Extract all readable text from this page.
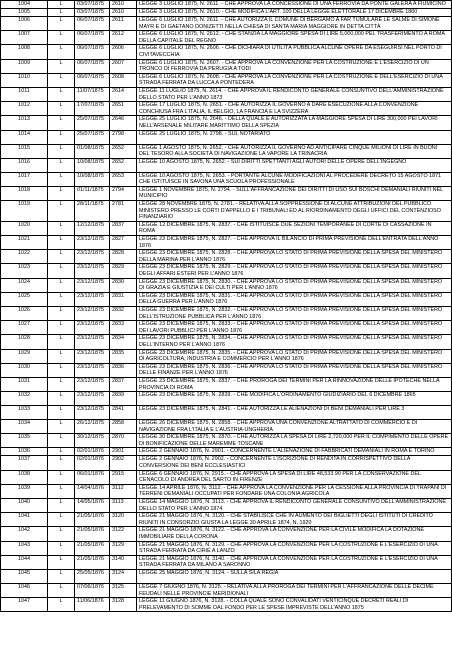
1004	L	03/07/1875	2610	LEGGE 3 LUGLIO 1875, N. 2611. - CHE APPROVA LA CONCESSIONE DI UNA FERROVIA DA PONTE GALERA A FIUMICINO
1005	L	03/07/1875	2610	LEGGE 3 LUGLIO 1875, N. 2610. - CHE MODIFICA L'ART. 100 DELLA LEGGE ELETTORALE 17 DICEMBRE 1860
1006	L	06/07/1875	2611	LEGGE 6 LUGLIO 1875, N. 2611. - CHE AUTORIZZA IL COMUNE DI BERGAMO A FAR TUMULARE LE SALME DI SIMONE MAYR E DI GAETANO DONIZETTI NELLA CHIESA DI SANTA MARIA MAGGIORE IN DETTA CITTÀ
1007	L	06/07/1875	2612	LEGGE 6 LUGLIO 1875, N. 2612. - CHE STANZIA LA MAGGIORE SPESA DI LIRE 5,000,000 PEL TRASFERIMENTO A ROMA DELLA CAPITALE DEL REGNO
1008	L	06/07/1875	2606	LEGGE 6 LUGLIO 1875, N. 2606. - CHE DICHIARA DI UTILITÀ PUBBLICA ALCUNE OPERE DA ESEGUIRSI NEL PORTO DI CIVITAVECCHIA
1009	L	06/07/1875	2607	LEGGE 6 LUGLIO 1875, N. 2607. - CHE APPROVA LA CONVENZIONE PER LA COSTRUZIONE E L'ESERCIZIO DI UN TRONCO DI FERROVIA DA PERUGIA A TODI
1010	L	06/07/1875	2608	LEGGE 6 LUGLIO 1875, N. 2608. - CHE APPROVA LA CONVENZIONE PER LA COSTRUZIONE E DELL'ESERCIZIO DI UNA STRADA FERRATA DA LUCCA A PONTEDERA
1011	L	11/07/1875	2614	LEGGE 11 LUGLIO 1875, N. 2614. - CHE APPROVA IL RENDICONTO GENERALE CONSUNTIVO DELL'AMMINISTRAZIONE DELLO STATO PER L'ANNO 1873
1012	L	17/07/1875	2651	LEGGE 17 LUGLIO 1875, N. 2651. - CHE AUTORIZZA IL GOVERNO A DARE ESECUZIONE ALLA CONVENZIONE CONCHIUSA FRA L'ITALIA, IL BELGIO, LA FRANCIA E LA SVIZZERA
1013	L	25/07/1875	2646	LEGGE 25 LUGLIO 1875, N. 2646. - DELLA QUALE È AUTORIZZATA LA MAGGIORE SPESA DI LIRE 300,000 PEI LAVORI NELL'ARSENALE MILITARE MARITTIMO DELLA SPEZIA
1014	L	25/07/1875	2798	LEGGE 25 LUGLIO 1875, N. 2798. - SUL NOTARIATO
1015	L	01/08/1875	2652	LEGGE 1 AGOSTO 1875, N. 2652. - CHE AUTORIZZA IL GOVERNO AD ANTICIPARE CINQUE MILIONI DI LIRE IN BUONI DEL TESORO ALLA SOCIETÀ DI NAVIGAZIONE LA VAPORE LA TRINACRIA
1016	L	10/08/1875	2652	LEGGE 10 AGOSTO 1875, N. 2652. - SUI DIRITTI SPETTANTI AGLI AUTORI DELLE OPERE DELL'INGEGNO
1017	L	10/08/1875	2653	LEGGE 10 AGOSTO 1875, N. 2653. - PORTANTE ALCUNE MODIFICAZIONI AL PROCEDERE DECRETO 15 AGOSTO 1871 CHE ISTITUISCE IN SAVONA UNA SCUOLA PROFESSIONALE
1018	L	01/11/1875	2794	LEGGE 1 NOVEMBRE 1875, N. 2794. - SULL'AFFRANCAZIONE DEI DIRITTI DI USO SUI BOSCHI DEMANIALI RIUNITI NEL MUNICIPIO
1019	L	28/11/1875	2781	LEGGE 28 NOVEMBRE 1875, N. 2781. - RELATIVA ALLA SOPPRESSIONE DI ALCUNE ATTRIBUZIONI DEL PUBBLICO MINISTERO PRESSO LE CORTI D'APPELLO E I TRIBUNALI ED AL RIORDINAMENTO DEGLI UFFICI DEL CONTENZIOSO FINANZIARIO
1020	L	12/12/1875	2837	LEGGE 12 DICEMBRE 1875, N. 2837. - CHE ISTITUISCE DUE SEZIONI TEMPORANEE DI CORTE DI CASSAZIONE IN ROMA
1021	L	23/12/1875	2827	LEGGE 23 DICEMBRE 1875, N. 2827. - CHE APPROVA IL BILANCIO DI PRIMA PREVISIONE DELL'ENTRATA DELL'ANNO 1876
1022	L	23/12/1875	2828	LEGGE 23 DICEMBRE 1875, N. 2828. - CHE APPROVA LO STATO DI PRIMA PREVISIONE DELLA SPESA DEL MINISTERO DELLA MARINA PER L'ANNO 1876
1023	L	23/12/1875	2829	LEGGE 23 DICEMBRE 1875, N. 2829. - CHE APPROVA LO STATO DI PRIMA PREVISIONE DELLA SPESA DEL MINISTERO DEGLI AFFARI ESTERI PER L'ANNO 1876
1024	L	23/12/1875	2830	LEGGE 23 DICEMBRE 1875, N. 2830. - CHE APPROVA LO STATO DI PRIMA PREVISIONE DELLA SPESA DEL MINISTERO DI GRAZIA E GIUSTIZIA E DEI CULTI PER L'ANNO 1876
1025	L	23/12/1875	2831	LEGGE 23 DICEMBRE 1875, N. 2831. - CHE APPROVA LO STATO DI PRIMA PREVISIONE DELLA SPESA DEL MINISTERO DELLA GUERRA PER L'ANNO 1876
1026	L	23/12/1875	2832	LEGGE 23 DICEMBRE 1875, N. 2832. - CHE APPROVA LO STATO DI PRIMA PREVISIONE DELLA SPESA DEL MINISTERO DELL'ISTRUZIONE PUBBLICA PER L'ANNO 1876
1027	L	23/12/1875	2833	LEGGE 23 DICEMBRE 1875, N. 2833. - CHE APPROVA LO STATO DI PRIMA PREVISIONE DELLA SPESA DEL MINISTERO DEI LAVORI PUBBLICI PER L'ANNO 1876
1028	L	23/12/1875	2834	LEGGE 23 DICEMBRE 1875, N. 2834. - CHE APPROVA LO STATO DI PRIMA PREVISIONE DELLA SPESA DEL MINISTERO DELL'INTERNO PER L'ANNO 1876
1029	L	23/12/1875	2835	LEGGE 23 DICEMBRE 1875, N. 2835. - CHE APPROVA LO STATO DI PRIMA PREVISIONE DELLA SPESA DEL MINISTERO DI AGRICOLTURA, INDUSTRIA E COMMERCIO PER L'ANNO 1876
1030	L	23/12/1875	2836	LEGGE 23 DICEMBRE 1875, N. 2836. - CHE APPROVA LO STATO DI PRIMA PREVISIONE DELLA SPESA DEL MINISTERO DELLE FINANZE PER L'ANNO 1876
1031	L	23/12/1875	2837	LEGGE 23 DICEMBRE 1875, N. 2837. - CHE PROROGA DEI TERMINI PER LA RINNOVAZIONE DELLE IPOTECHE NELLA PROVINCIA DI ROMA
1032	L	23/12/1875	2839	LEGGE 23 DICEMBRE 1875, N. 2839. - CHE MODIFICA L'ORDINAMENTO GIUDIZIARIO DEL 6 DICEMBRE 1865
1033	L	23/12/1875	2841	LEGGE 23 DICEMBRE 1875, N. 2841. - CHE AUTORIZZA LE ALIENAZIONI DI BENI DEMANIALI PER LIRE 3
1034	L	26/12/1875	2858	LEGGE 26 DICEMBRE 1875, N. 2858. - CHE APPROVA UNA CONVENZIONE ALTRATTATO DI COMMERCIO E DI NAVIGAZIONE FRA L'ITALIA E L'AUSTRIA-UNGHERIA
1035	L	30/12/1875	2870	LEGGE 30 DICEMBRE 1875, N. 2870. - CHE AUTORIZZA LA SPESA DI LIRE 2,720,000 PER IL COMPIMENTO DELLE OPERE DI BONIFICAZIONE DELLE MAREMME TOSCANE
1036	L	02/01/1876	2901	LEGGE 2 GENNAIO 1876, N. 2901. - CONCERNENTE L'ALIENAZIONE DI FABBRICATI DEMANIALI IN ROMA E TORINO
1037	L	02/01/1876	2902	LEGGE 2 GENNAIO 1876, N. 2902. - CONCERNENTE L'ISCRIZIONE DI RENDITA IN CORRISPETTIVO DELLA CONVERSIONE DEI BENI ECCLESIASTICI
1038	L	06/01/1876	2915	LEGGE 6 GENNAIO 1876, N. 2915. - CHE APPROVA LA SPESA DI LIRE 48,533.90 PER LA CONSERVAZIONE DEL CENACOLO DI ANDREA DEL SARTO IN FIRENZE
1039	L	14/04/1876	3112	LEGGE 14 APRILE 1876, N. 3112. - CHE APPROVA LA CONVENZIONE PER LA CESSIONE ALLA PROVINCIA DI TRAPANI DI TERRENI DEMANIALI OCCUPATI PER FONDARE UNA COLONIA AGRICOLA
1040	L	14/05/1876	3113	LEGGE 14 MAGGIO 1876, N. 3113. - CHE APPROVA IL RENDICONTO GENERALE CONSUNTIVO DELL'AMMINISTRAZIONE DELLO STATO PER L'ANNO 1874
1041	L	21/05/1876	3120	LEGGE 21 MAGGIO 1876, N. 3120. - CHE STABILISCE CHE IN AUMENTO DEI BIGLIETTI DEGLI ISTITUTI DI CREDITO RIUNITI IN CONSORZIO GIUSTA LA LEGGE 30 APRILE 1874, N. 1920
1042	L	21/05/1876	3122	LEGGE 21 MAGGIO 1876, N. 3122. - CHE APPROVA LA CONVENZIONE PER LA CIVILE MODIFICA LA DOTAZIONE IMMOBILIARE DELLA CORONA
1043	L	21/05/1876	3129	LEGGE 21 MAGGIO 1876, N. 3129. - CHE APPROVA LA CONVENZIONE PER LA COSTRUZIONE E L'ESERCIZIO DI UNA STRADA FERRATA DA CIRIÉ A LANZO
1044	L	21/05/1876	3140	LEGGE 21 MAGGIO 1876, N. 3140. - CHE APPROVA LA CONVENZIONE PER LA COSTRUZIONE E L'ESERCIZIO DI UNA STRADA FERRATA DA MILANO A SARONNO
1045	L	25/05/1876	3124	LEGGE 25 MAGGIO 1876, N. 3124. - SULLA SILA REGIA
1046	L	07/06/1876	3125	LEGGE 7 GIUGNO 1876, N. 3125. - RELATIVA ALLA PROROGA DEI TERMINI PER L'AFFRANCAZIONE DELLE DECIME FEUDALI NELLE PROVINCIE MERIDIONALI
1047	L	11/06/1876	3128	LEGGE 11 GIUGNO 1876, N. 3128. - COLLA QUALE SONO CONVALIDATI VENTICINQUE DECRETI REALI DI PRELEVAMENTO DI SOMME DAL FONDO PER LE SPESE IMPREVISTE DELL'ANNO 1875
